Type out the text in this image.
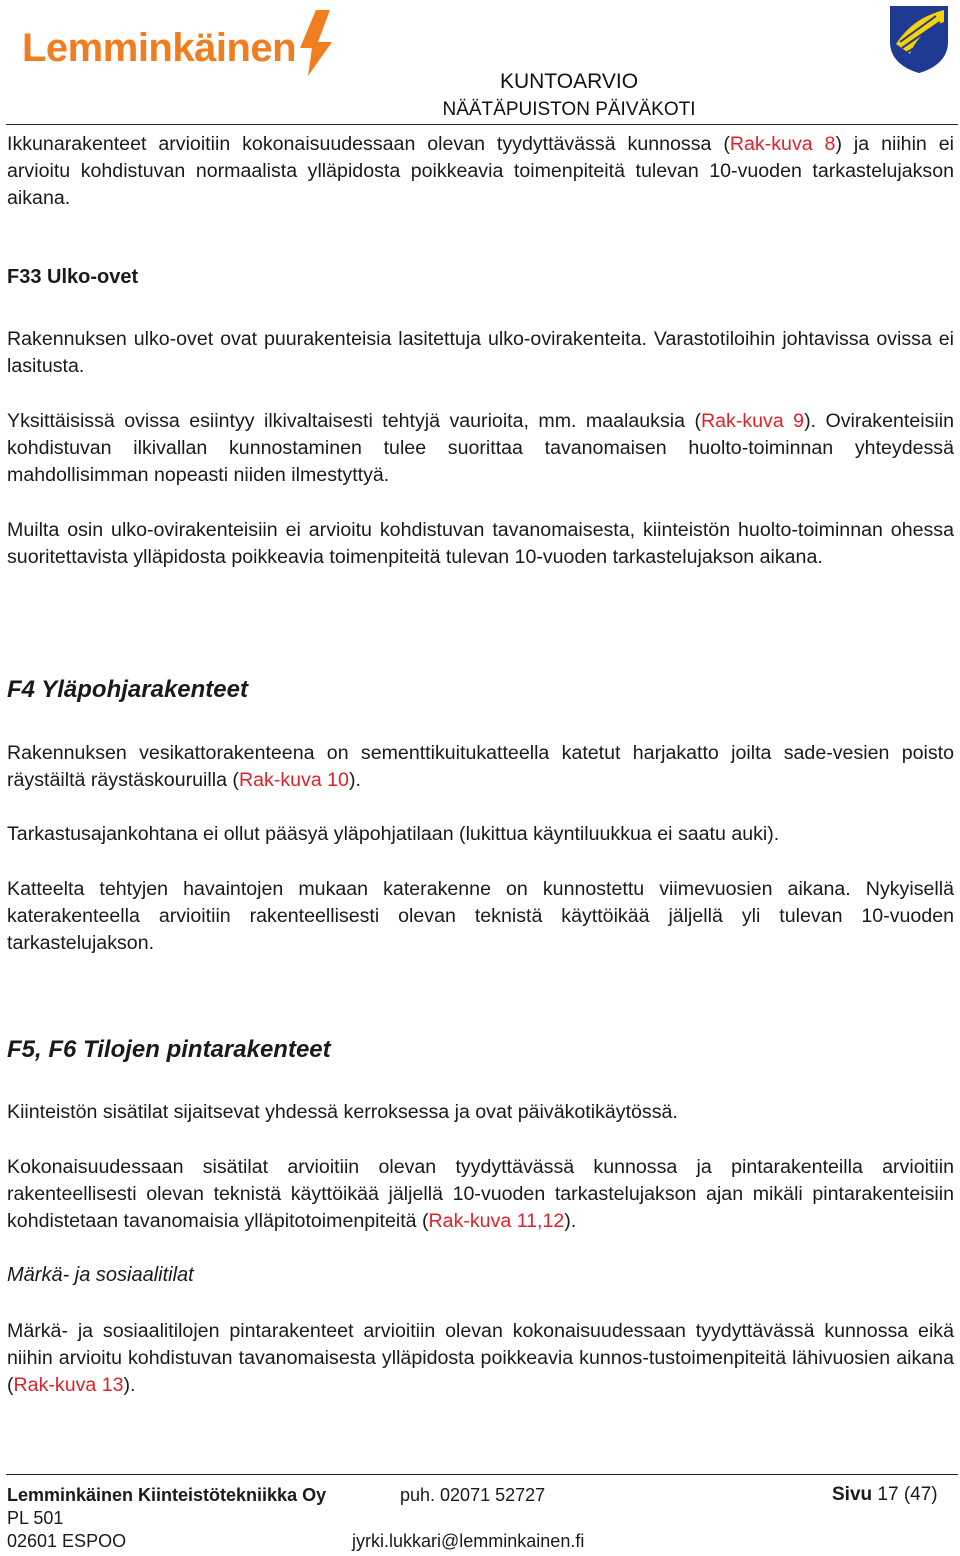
Lemminkäinen
KUNTOARVIO
NÄÄTÄPUISTON PÄIVÄKOTI
Ikkunarakenteet arvioitiin kokonaisuudessaan olevan tyydyttävässä kunnossa (Rak-kuva 8) ja niihin ei arvioitu kohdistuvan normaalista ylläpidosta poikkeavia toimenpiteitä tulevan 10-vuoden tarkastelujakson aikana.
F33 Ulko-ovet
Rakennuksen ulko-ovet ovat puurakenteisia lasitettuja ulko-ovirakenteita. Varastotiloihin johtavissa ovissa ei lasitusta.
Yksittäisissä ovissa esiintyy ilkivaltaisesti tehtyjä vaurioita, mm. maalauksia (Rak-kuva 9). Ovirakenteisiin kohdistuvan ilkivallan kunnostaminen tulee suorittaa tavanomaisen huolto-toiminnan yhteydessä mahdollisimman nopeasti niiden ilmestyttyä.
Muilta osin ulko-ovirakenteisiin ei arvioitu kohdistuvan tavanomaisesta, kiinteistön huolto-toiminnan ohessa suoritettavista ylläpidosta poikkeavia toimenpiteitä tulevan 10-vuoden tarkastelujakson aikana.
F4 Yläpohjarakenteet
Rakennuksen vesikattorakenteena on sementtikuitukatteella katetut harjakatto joilta sade-vesien poisto räystäiltä räystäskouruilla (Rak-kuva 10).
Tarkastusajankohtana ei ollut pääsyä yläpohjatilaan (lukittua käyntiluukkua ei saatu auki).
Katteelta tehtyjen havaintojen mukaan katerakenne on kunnostettu viimevuosien aikana. Nykyisellä katerakenteella arvioitiin rakenteellisesti olevan teknistä käyttöikää jäljellä yli tulevan 10-vuoden tarkastelujakson.
F5, F6 Tilojen pintarakenteet
Kiinteistön sisätilat sijaitsevat yhdessä kerroksessa ja ovat päiväkotikäytössä.
Kokonaisuudessaan sisätilat arvioitiin olevan tyydyttävässä kunnossa ja pintarakenteilla arvioitiin rakenteellisesti olevan teknistä käyttöikää jäljellä 10-vuoden tarkastelujakson ajan mikäli pintarakenteisiin kohdistetaan tavanomaisia ylläpitotoimenpiteitä (Rak-kuva 11,12).
Märkä- ja sosiaalitilat
Märkä- ja sosiaalitilojen pintarakenteet arvioitiin olevan kokonaisuudessaan tyydyttävässä kunnossa eikä niihin arvioitu kohdistuvan tavanomaisesta ylläpidosta poikkeavia kunnos-tustoimenpiteitä lähivuosien aikana (Rak-kuva 13).
Lemminkäinen Kiinteistötekniikka Oy	puh. 02071 52727	Sivu 17 (47)
PL 501
02601 ESPOO	jyrki.lukkari@lemminkainen.fi
